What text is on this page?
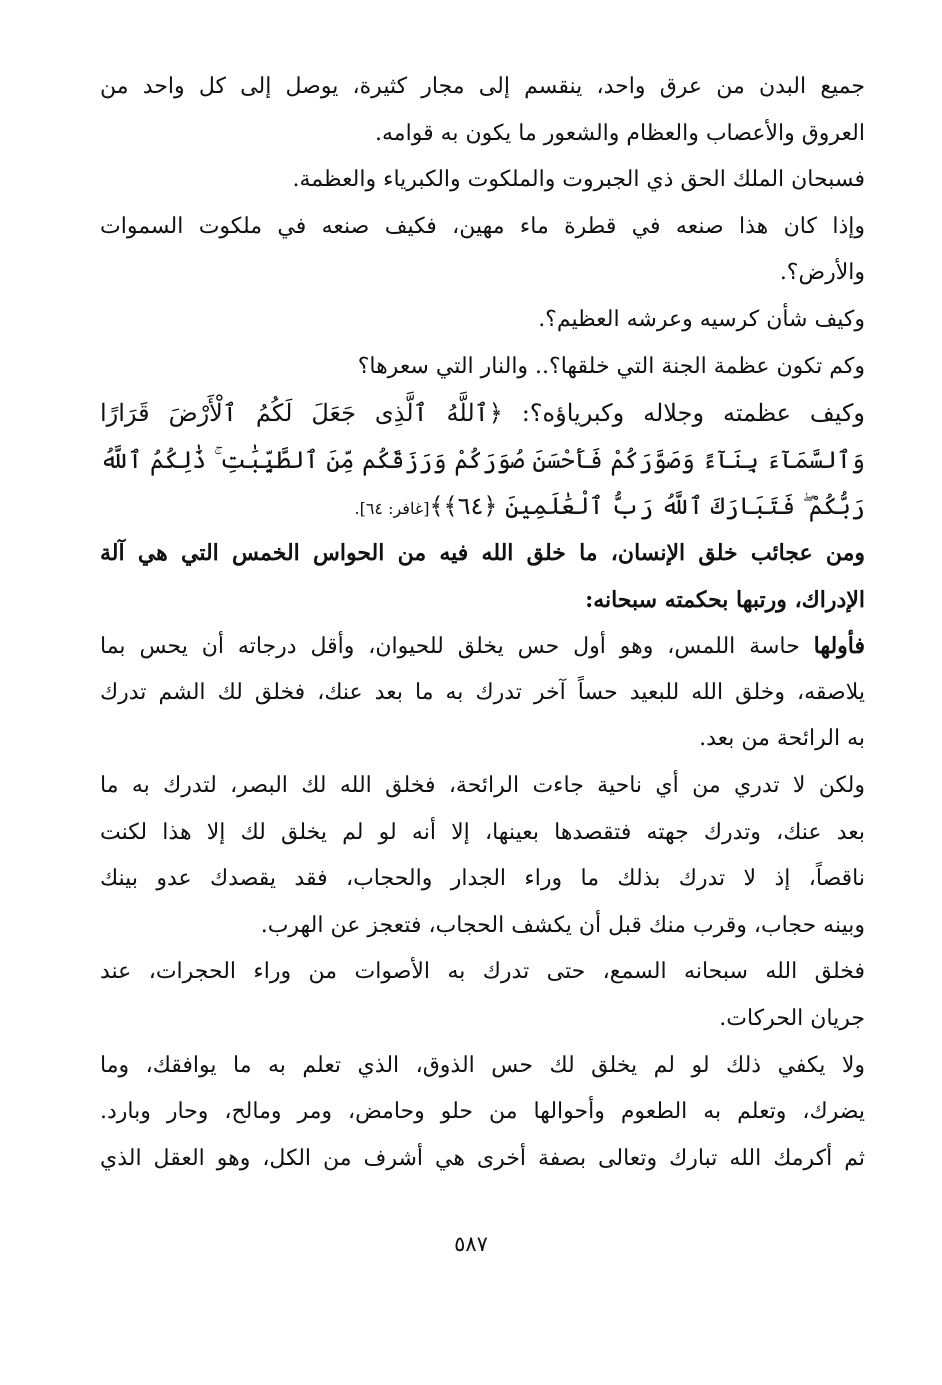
جميع البدن من عرق واحد، ينقسم إلى مجار كثيرة، يوصل إلى كل واحد من
العروق والأعصاب والعظام والشعور ما يكون به قوامه.
فسبحان الملك الحق ذي الجبروت والملكوت والكبرياء والعظمة.
وإذا كان هذا صنعه في قطرة ماء مهين، فكيف صنعه في ملكوت السموات
والأرض؟.
وكيف شأن كرسيه وعرشه العظيم؟.
وكم تكون عظمة الجنة التي خلقها؟.. والنار التي سعرها؟
وكيف عظمته وجلاله وكبرياؤه؟: ﴿ٱللَّهُ ٱلَّذِى جَعَلَ لَكُمُ ٱلْأَرْضَ قَرَارًا
وَٱلسَّمَآءَ بِنَآءً وَصَوَّرَكُمْ فَأَحْسَنَ صُوَرَكُمْ وَرَزَقَكُم مِّنَ ٱلطَّيِّبَٰتِ ۚ ذَٰلِكُمُ ٱللَّهُ
رَبُّكُمْ ۖ فَتَبَارَكَ ٱللَّهُ رَبُّ ٱلْعَٰلَمِينَ ﴿٦٤﴾﴾[غافر: ٦٤].
ومن عجائب خلق الإنسان، ما خلق الله فيه من الحواس الخمس التي هي آلة
الإدراك، ورتبها بحكمته سبحانه:
فأولها حاسة اللمس، وهو أول حس يخلق للحيوان، وأقل درجاته أن يحس بما
يلاصقه، وخلق الله للبعيد حساً آخر تدرك به ما بعد عنك، فخلق لك الشم تدرك
به الرائحة من بعد.
ولكن لا تدري من أي ناحية جاءت الرائحة، فخلق الله لك البصر، لتدرك به ما
بعد عنك، وتدرك جهته فتقصدها بعينها، إلا أنه لو لم يخلق لك إلا هذا لكنت
ناقصاً، إذ لا تدرك بذلك ما وراء الجدار والحجاب، فقد يقصدك عدو بينك
وبينه حجاب، وقرب منك قبل أن يكشف الحجاب، فتعجز عن الهرب.
فخلق الله سبحانه السمع، حتى تدرك به الأصوات من وراء الحجرات، عند
جريان الحركات.
ولا يكفي ذلك لو لم يخلق لك حس الذوق، الذي تعلم به ما يوافقك، وما
يضرك، وتعلم به الطعوم وأحوالها من حلو وحامض، ومر ومالح، وحار وبارد.
ثم أكرمك الله تبارك وتعالى بصفة أخرى هي أشرف من الكل، وهو العقل الذي
٥٨٧
